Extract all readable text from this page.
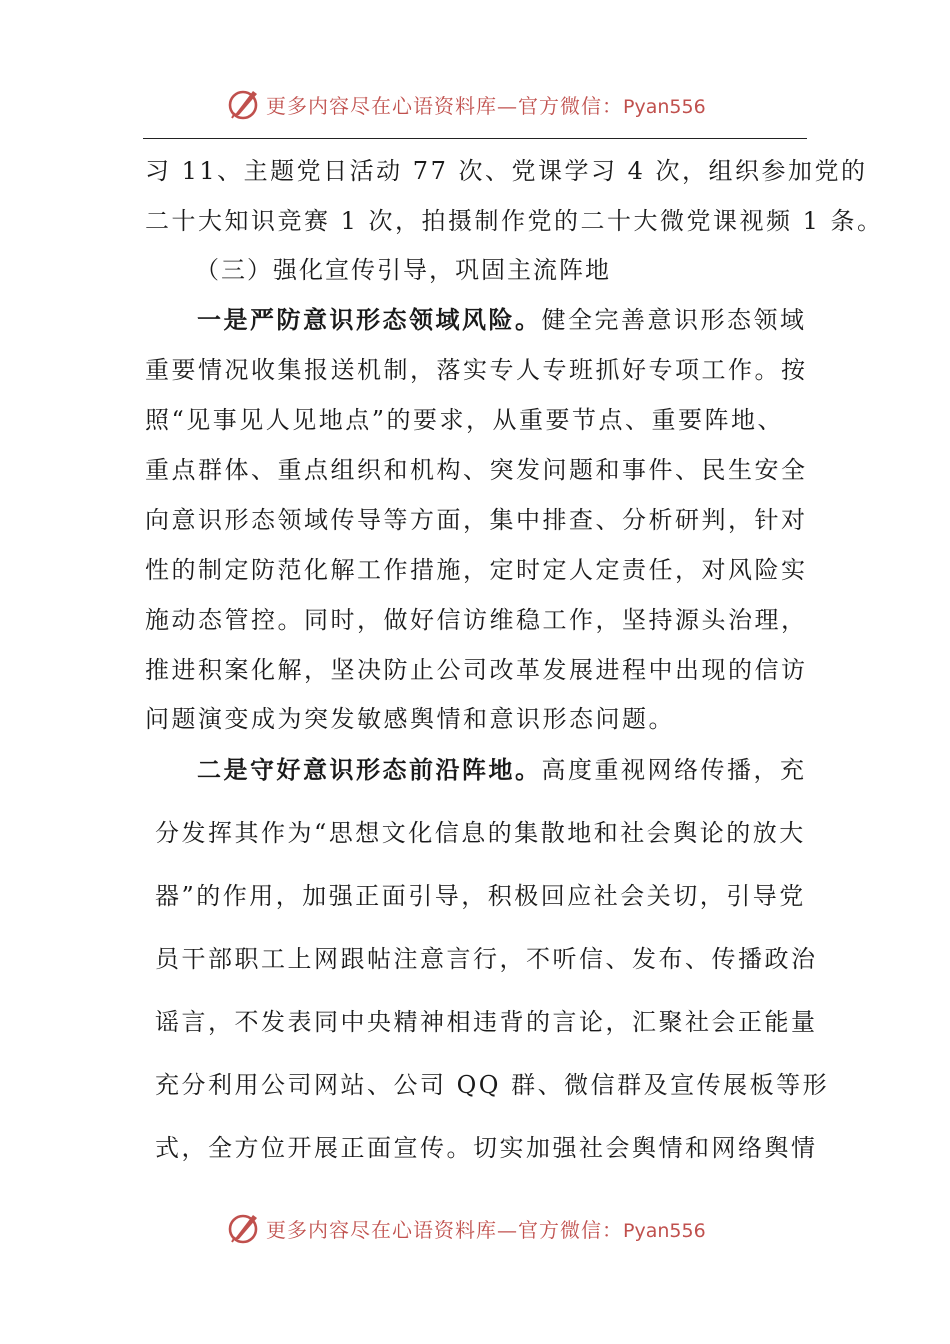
更多内容尽在心语资料库—官方微信：Pyan556
习 11、主题党日活动 77 次、党课学习 4 次，组织参加党的
二十大知识竞赛 1 次，拍摄制作党的二十大微党课视频 1 条。
（三）强化宣传引导，巩固主流阵地
一是严防意识形态领域风险。健全完善意识形态领域
重要情况收集报送机制，落实专人专班抓好专项工作。按
照“见事见人见地点”的要求，从重要节点、重要阵地、
重点群体、重点组织和机构、突发问题和事件、民生安全
向意识形态领域传导等方面，集中排查、分析研判，针对
性的制定防范化解工作措施，定时定人定责任，对风险实
施动态管控。同时，做好信访维稳工作，坚持源头治理，
推进积案化解，坚决防止公司改革发展进程中出现的信访
问题演变成为突发敏感舆情和意识形态问题。
二是守好意识形态前沿阵地。高度重视网络传播，充
分发挥其作为“思想文化信息的集散地和社会舆论的放大
器”的作用，加强正面引导，积极回应社会关切，引导党
员干部职工上网跟帖注意言行，不听信、发布、传播政治
谣言，不发表同中央精神相违背的言论，汇聚社会正能量
充分利用公司网站、公司 QQ 群、微信群及宣传展板等形
式，全方位开展正面宣传。切实加强社会舆情和网络舆情
更多内容尽在心语资料库—官方微信：Pyan556
